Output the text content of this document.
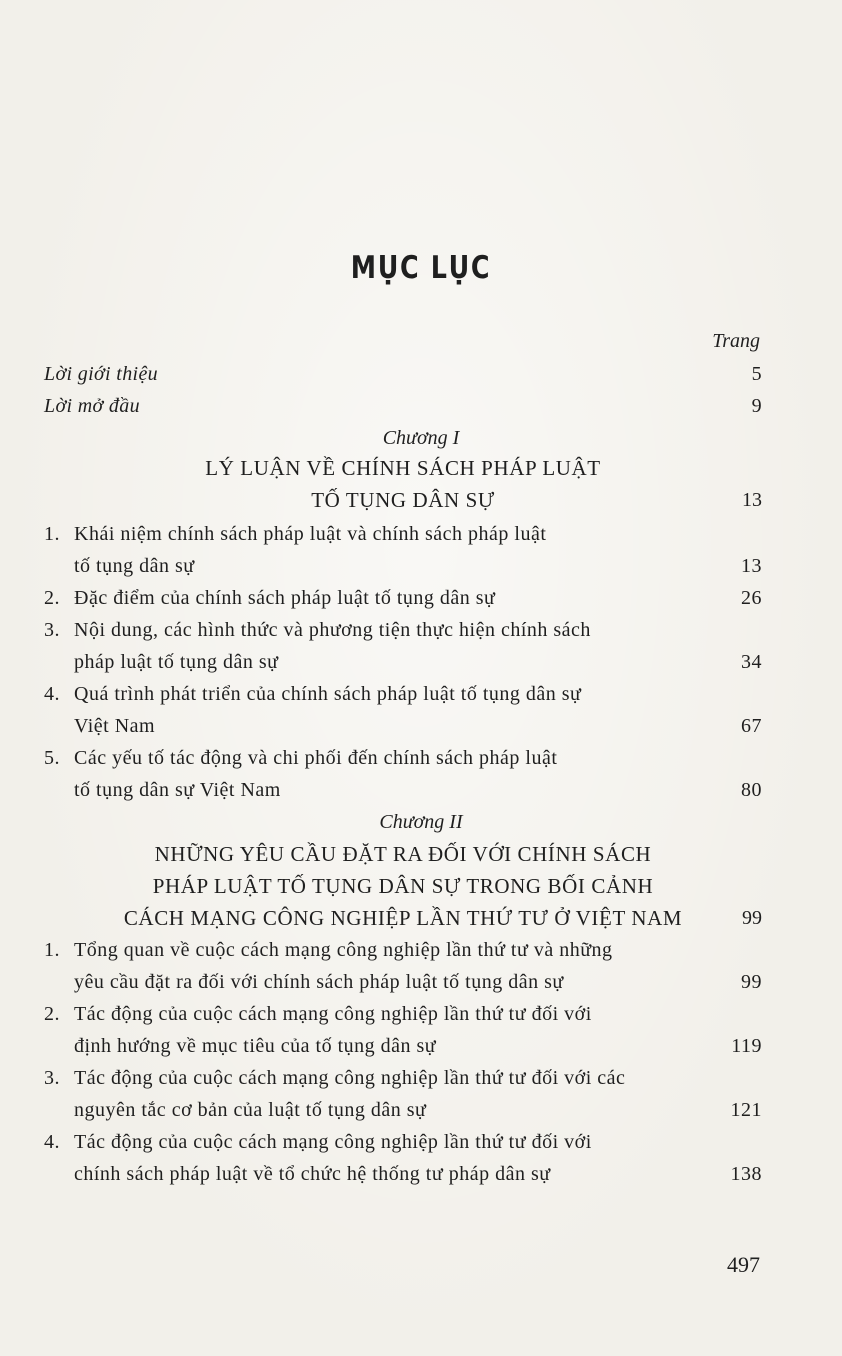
MỤC LỤC
Trang
Lời giới thiệu	5
Lời mở đầu	9
Chương I
LÝ LUẬN VỀ CHÍNH SÁCH PHÁP LUẬT
TỐ TỤNG DÂN SỰ	13
1. Khái niệm chính sách pháp luật và chính sách pháp luật
tố tụng dân sự	13
2. Đặc điểm của chính sách pháp luật tố tụng dân sự	26
3. Nội dung, các hình thức và phương tiện thực hiện chính sách
pháp luật tố tụng dân sự	34
4. Quá trình phát triển của chính sách pháp luật tố tụng dân sự
Việt Nam	67
5. Các yếu tố tác động và chi phối đến chính sách pháp luật
tố tụng dân sự Việt Nam	80
Chương II
NHỮNG YÊU CẦU ĐẶT RA ĐỐI VỚI CHÍNH SÁCH
PHÁP LUẬT TỐ TỤNG DÂN SỰ TRONG BỐI CẢNH
CÁCH MẠNG CÔNG NGHIỆP LẦN THỨ TƯ Ở VIỆT NAM	99
1. Tổng quan về cuộc cách mạng công nghiệp lần thứ tư và những
yêu cầu đặt ra đối với chính sách pháp luật tố tụng dân sự	99
2. Tác động của cuộc cách mạng công nghiệp lần thứ tư đối với
định hướng về mục tiêu của tố tụng dân sự	119
3. Tác động của cuộc cách mạng công nghiệp lần thứ tư đối với các
nguyên tắc cơ bản của luật tố tụng dân sự	121
4. Tác động của cuộc cách mạng công nghiệp lần thứ tư đối với
chính sách pháp luật về tổ chức hệ thống tư pháp dân sự	138
497
